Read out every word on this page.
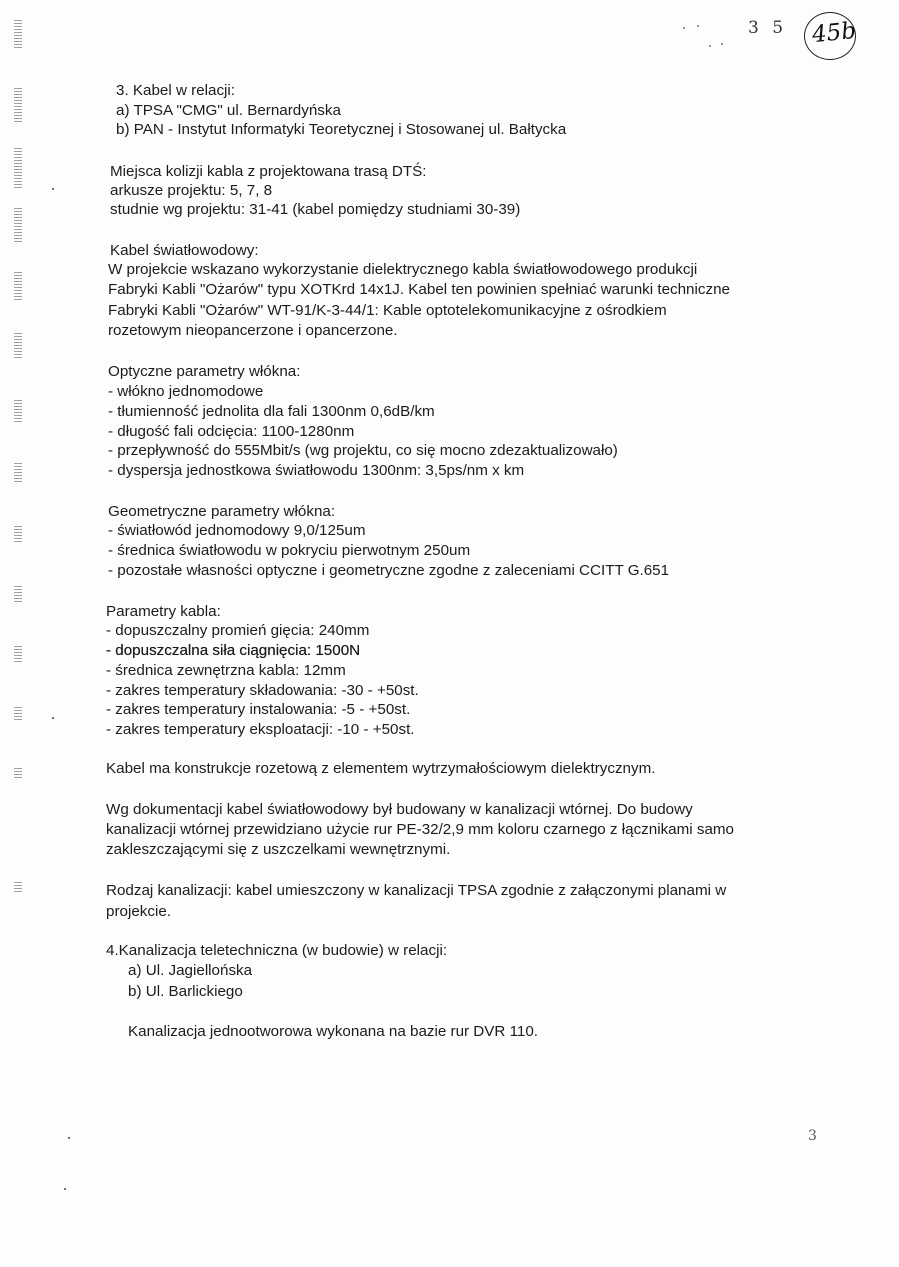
3 5 45b
3. Kabel w relacji:
a) TPSA "CMG" ul. Bernardyńska
b) PAN - Instytut Informatyki Teoretycznej i Stosowanej ul. Bałtycka
Miejsca kolizji kabla z projektowana trasą DTŚ:
arkusze projektu: 5, 7, 8
studnie wg projektu: 31-41 (kabel pomiędzy studniami 30-39)
Kabel światłowodowy:
W projekcie wskazano wykorzystanie dielektrycznego kabla światłowodowego produkcji
Fabryki Kabli "Ożarów" typu XOTKrd 14x1J. Kabel ten powinien spełniać warunki techniczne
Fabryki Kabli "Ożarów" WT-91/K-3-44/1: Kable optotelekomunikacyjne z ośrodkiem
rozetowym nieopancerzone i opancerzone.
Optyczne parametry włókna:
- włókno jednomodowe
- tłumienność jednolita dla fali 1300nm 0,6dB/km
- długość fali odcięcia: 1100-1280nm
- przepływność do 555Mbit/s (wg projektu, co się mocno zdezaktualizowało)
- dyspersja jednostkowa światłowodu 1300nm: 3,5ps/nm x km
Geometryczne parametry włókna:
- światłowód jednomodowy 9,0/125um
- średnica światłowodu w pokryciu pierwotnym 250um
- pozostałe własności optyczne i geometryczne zgodne z zaleceniami CCITT G.651
Parametry kabla:
- dopuszczalny promień gięcia: 240mm
- dopuszczalna siła ciągnięcia: 1500N
- średnica zewnętrzna kabla: 12mm
- zakres temperatury składowania: -30 - +50st.
- zakres temperatury instalowania: -5 - +50st.
- zakres temperatury eksploatacji: -10 - +50st.
Kabel ma konstrukcje rozetową z elementem wytrzymałościowym dielektrycznym.
Wg dokumentacji kabel światłowodowy był budowany w kanalizacji wtórnej. Do budowy
kanalizacji wtórnej przewidziano użycie rur PE-32/2,9 mm koloru czarnego z łącznikami samo
zakleszczającymi się z uszczelkami wewnętrznymi.
Rodzaj kanalizacji: kabel umieszczony w kanalizacji TPSA zgodnie z załączonymi planami w
projekcie.
4.Kanalizacja teletechniczna (w budowie) w relacji:
a) Ul. Jagiellońska
b) Ul. Barlickiego
Kanalizacja jednootworowa wykonana na bazie rur DVR 110.
3
